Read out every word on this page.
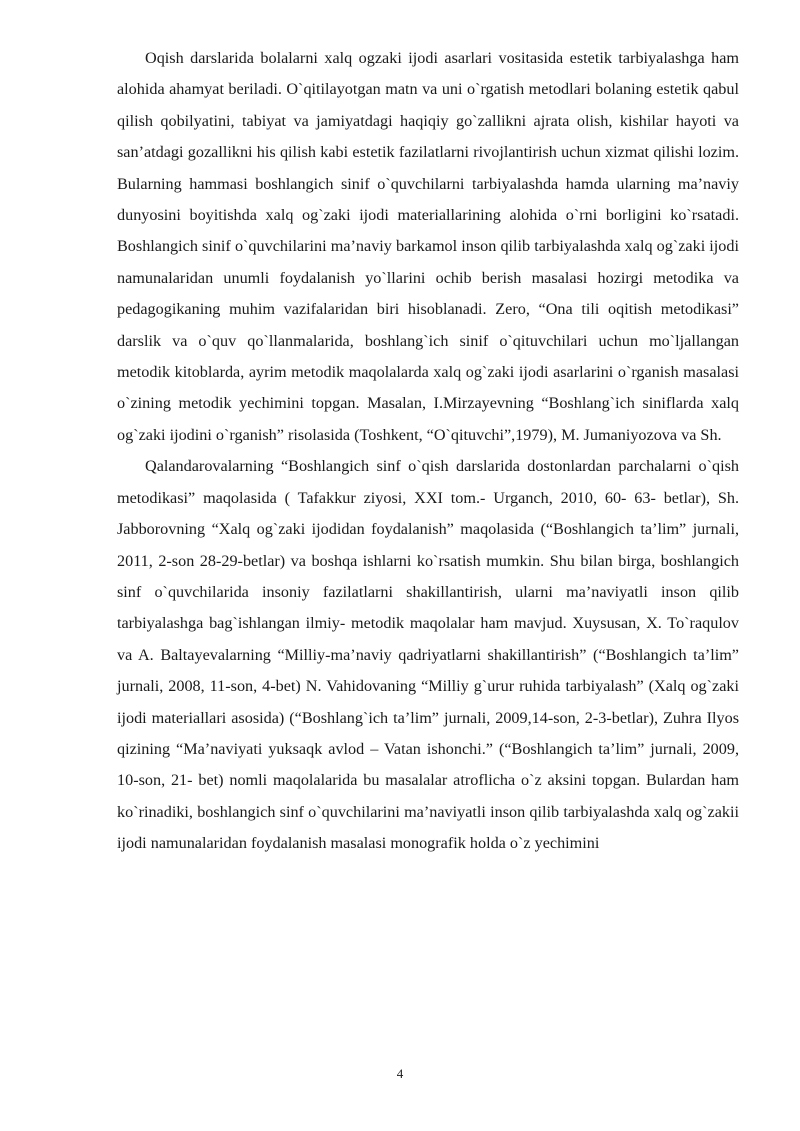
Oqish darslarida bolalarni xalq ogzaki ijodi asarlari vositasida estetik tarbiyalashga ham alohida ahamyat beriladi. O`qitilayotgan matn va uni o`rgatish metodlari bolaning estetik qabul qilish qobilyatini, tabiyat va jamiyatdagi haqiqiy go`zallikni ajrata olish, kishilar hayoti va san’atdagi gozallikni his qilish kabi estetik fazilatlarni rivojlantirish uchun xizmat qilishi lozim. Bularning hammasi boshlangich sinif o`quvchilarni tarbiyalashda hamda ularning ma’naviy dunyosini boyitishda xalq og`zaki ijodi materiallarining alohida o`rni borligini ko`rsatadi. Boshlangich sinif o`quvchilarini ma’naviy barkamol inson qilib tarbiyalashda xalq og`zaki ijodi namunalaridan unumli foydalanish yo`llarini ochib berish masalasi hozirgi metodika va pedagogikaning muhim vazifalaridan biri hisoblanadi. Zero, “Ona tili oqitish metodikasi” darslik va o`quv qo`llanmalarida, boshlang`ich sinif o`qituvchilari uchun mo`ljallangan metodik kitoblarda, ayrim metodik maqolalarda xalq og`zaki ijodi asarlarini o`rganish masalasi o`zining metodik yechimini topgan. Masalan, I.Mirzayevning “Boshlang`ich siniflarda xalq og`zaki ijodini o`rganish” risolasida (Toshkent, “O`qituvchi”,1979), M. Jumaniyozova va Sh.

Qalandarovalarning “Boshlangich sinf o`qish darslarida dostonlardan parchalarni o`qish metodikasi” maqolasida ( Tafakkur ziyosi, XXI tom.- Urganch, 2010, 60- 63- betlar), Sh. Jabborovning “Xalq og`zaki ijodidan foydalanish” maqolasida (“Boshlangich ta’lim” jurnali, 2011, 2-son 28-29-betlar) va boshqa ishlarni ko`rsatish mumkin. Shu bilan birga, boshlangich sinf o`quvchilarida insoniy fazilatlarni shakillantirish, ularni ma’naviyatli inson qilib tarbiyalashga bag`ishlangan ilmiy- metodik maqolalar ham mavjud. Xuysusan, X. To`raqulov va A. Baltayevalarning “Milliy-ma’naviy qadriyatlarni shakillantirish” (“Boshlangich ta’lim” jurnali, 2008, 11-son, 4-bet) N. Vahidovaning “Milliy g`urur ruhida tarbiyalash” (Xalq og`zaki ijodi materiallari asosida) (“Boshlang`ich ta’lim” jurnali, 2009,14-son, 2-3-betlar), Zuhra Ilyos qizining “Ma’naviyati yuksaqk avlod – Vatan ishonchi.” (“Boshlangich ta’lim” jurnali, 2009, 10-son, 21- bet) nomli maqolalarida bu masalalar atroflicha o`z aksini topgan. Bulardan ham ko`rinadiki, boshlangich sinf o`quvchilarini ma’naviyatli inson qilib tarbiyalashda xalq og`zakii ijodi namunalaridan foydalanish masalasi monografik holda o`z yechimini

4
